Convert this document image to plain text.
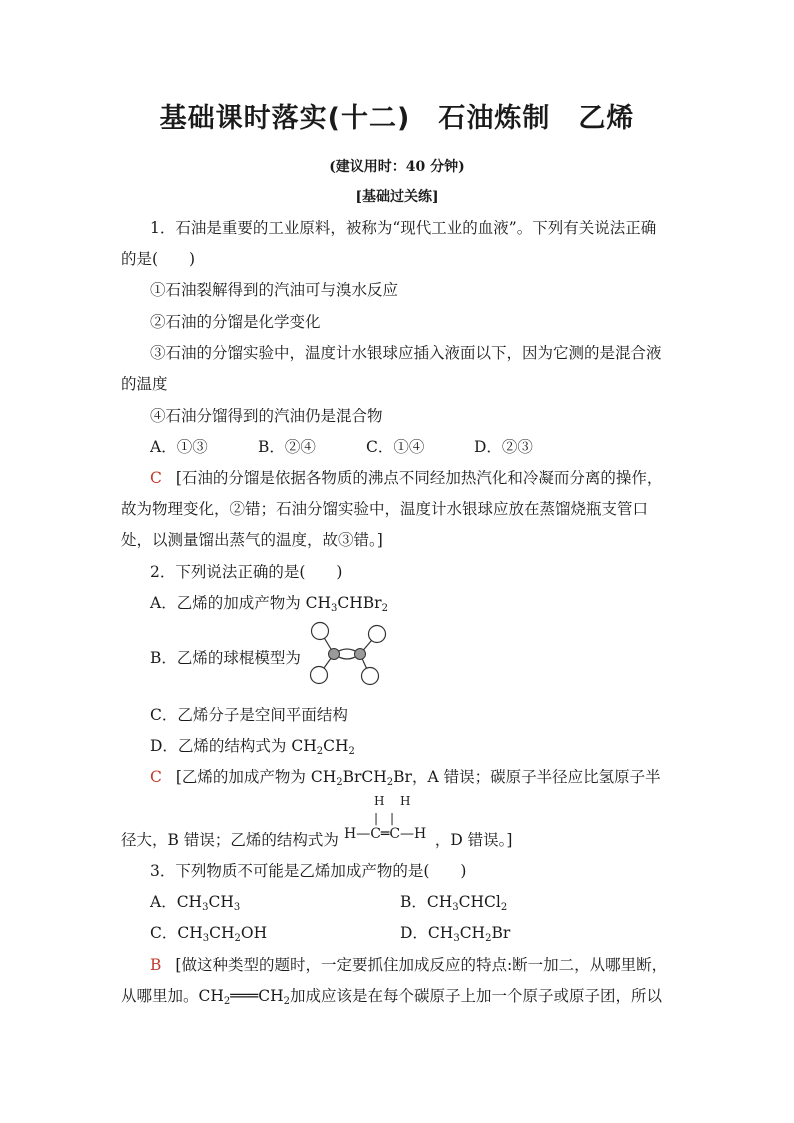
基础课时落实(十二)　石油炼制　乙烯
(建议用时：40 分钟)
[基础过关练]
1．石油是重要的工业原料，被称为“现代工业的血液”。下列有关说法正确
的是(　　)
①石油裂解得到的汽油可与溴水反应
②石油的分馏是化学变化
③石油的分馏实验中，温度计水银球应插入液面以下，因为它测的是混合液
的温度
④石油分馏得到的汽油仍是混合物
A．①③	B．②④	C．①④	D．②③
C [石油的分馏是依据各物质的沸点不同经加热汽化和冷凝而分离的操作，
故为物理变化，②错；石油分馏实验中，温度计水银球应放在蒸馏烧瓶支管口
处，以测量馏出蒸气的温度，故③错。]
2．下列说法正确的是(　　)
A．乙烯的加成产物为 $CH_3CHBr_2$
B．乙烯的球棍模型为
C．乙烯分子是空间平面结构
D．乙烯的结构式为 $CH_2CH_2$
C [乙烯的加成产物为 $CH_2BrCH_2Br$，A 错误；碳原子半径应比氢原子半
H H
|　|
H—C═C—H
径大，B 错误；乙烯的结构式为	，D 错误。]
3．下列物质不可能是乙烯加成产物的是(　　)
A．$CH_3CH_3$	B．$CH_3CHCl_2$
C．$CH_3CH_2OH$	D．$CH_3CH_2Br$
B [做这种类型的题时，一定要抓住加成反应的特点:断一加二，从哪里断，
从哪里加。$CH_2═══CH_2$加成应该是在每个碳原子上加一个原子或原子团，所以
